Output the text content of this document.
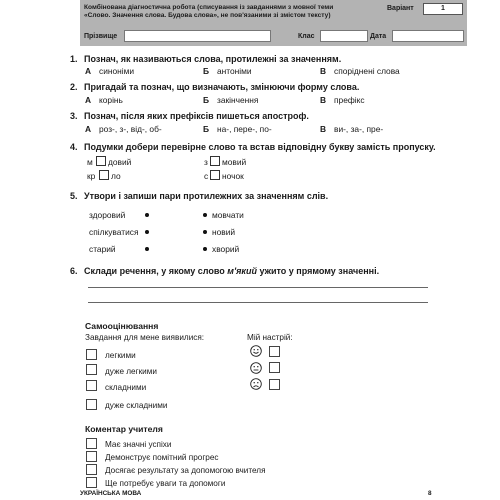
Комбінована діагностична робота (списування із завданнями з мовної теми «Слово. Значення слова. Будова слова», не пов'язаними зі змістом тексту)
Варіант	1
Прізвище	Клас	Дата
1. Познач, як називаються слова, протилежні за значенням.
А синоніми	Б антоніми	В споріднені слова
2. Пригадай та познач, що визначають, змінюючи форму слова.
А корінь	Б закінчення	В префікс
3. Познач, після яких префіксів пишеться апостроф.
А роз-, з-, від-, об-	Б на-, пере-, по-	В ви-, за-, пре-
4. Подумки добери перевірне слово та встав відповідну букву замість пропуску.
м довий	з мовий
кр ло	с ночок
5. Утвори і запиши пари протилежних за значенням слів.
здоровий	мовчати
спілкуватися	новий
старий	хворий
6. Склади речення, у якому слово м'який ужито у прямому значенні.
Самооцінювання
Завдання для мене виявилися:	Мій настрій:
легкими
дуже легкими
складними
дуже складними
Коментар учителя
Має значні успіхи
Демонструє помітний прогрес
Досягає результату за допомогою вчителя
Ще потребує уваги та допомоги
УКРАЇНСЬКА МОВА	8
